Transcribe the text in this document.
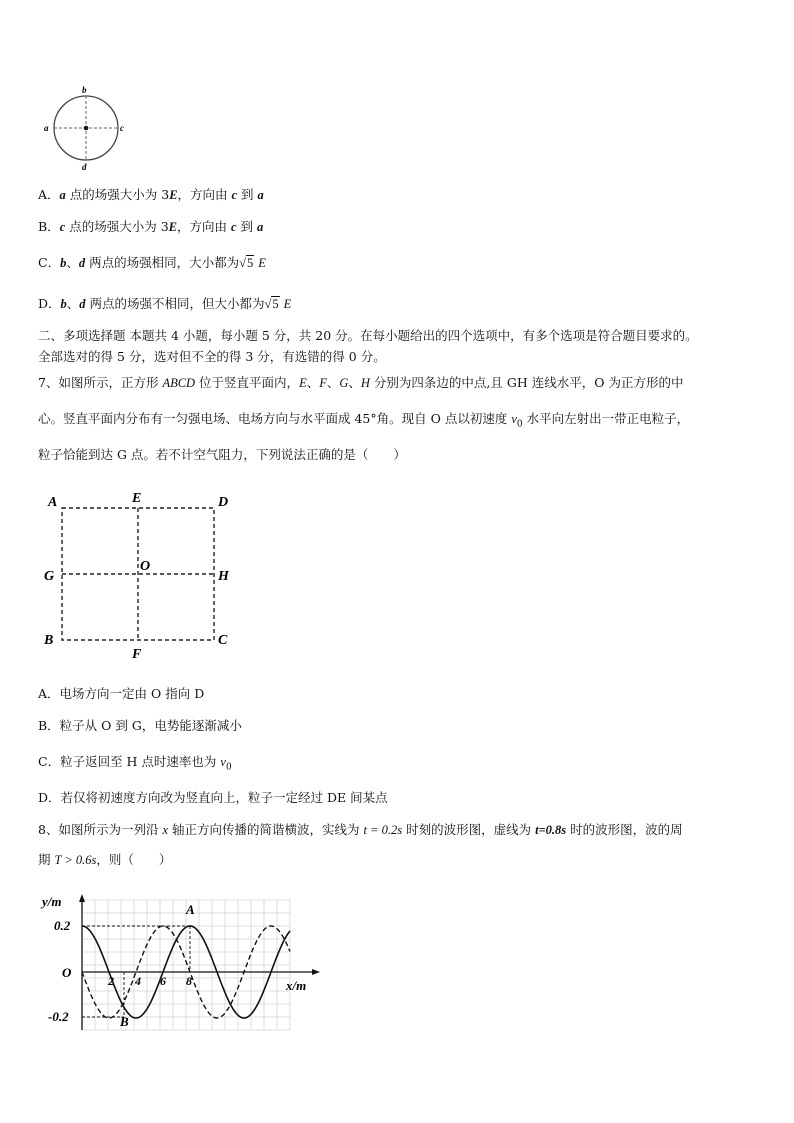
b
a	c
d
A．a 点的场强大小为 3E，方向由 c 到 a
B．c 点的场强大小为 3E，方向由 c 到 a
C．b、d 两点的场强相同，大小都为√5 E
D．b、d 两点的场强不相同，但大小都为√5 E
二、多项选择题 本题共 4 小题，每小题 5 分，共 20 分。在每小题给出的四个选项中，有多个选项是符合题目要求的。
全部选对的得 5 分，选对但不全的得 3 分，有选错的得 0 分。
7、如图所示，正方形 ABCD 位于竖直平面内，E、F、G、H 分别为四条边的中点,且 GH 连线水平，O 为正方形的中
心。竖直平面内分布有一匀强电场、电场方向与水平面成 45°角。现自 O 点以初速度 $v_0$ 水平向左射出一带正电粒子，
粒子恰能到达 G 点。若不计空气阻力，下列说法正确的是（　　）
A	E	D
G
O
H
B
F
C
A．电场方向一定由 O 指向 D
B．粒子从 O 到 G，电势能逐渐减小
C．粒子返回至 H 点时速率也为 $v_0$
D．若仅将初速度方向改为竖直向上，粒子一定经过 DE 间某点
8、如图所示为一列沿 x 轴正方向传播的简谐横波，实线为 t = 0.2s 时刻的波形图，虚线为 t=0.8s 时的波形图，波的周
期 T > 0.6s，则（　　）
y/m
x/m
O
0.2
-0.2
2 4 6 8
A
B
